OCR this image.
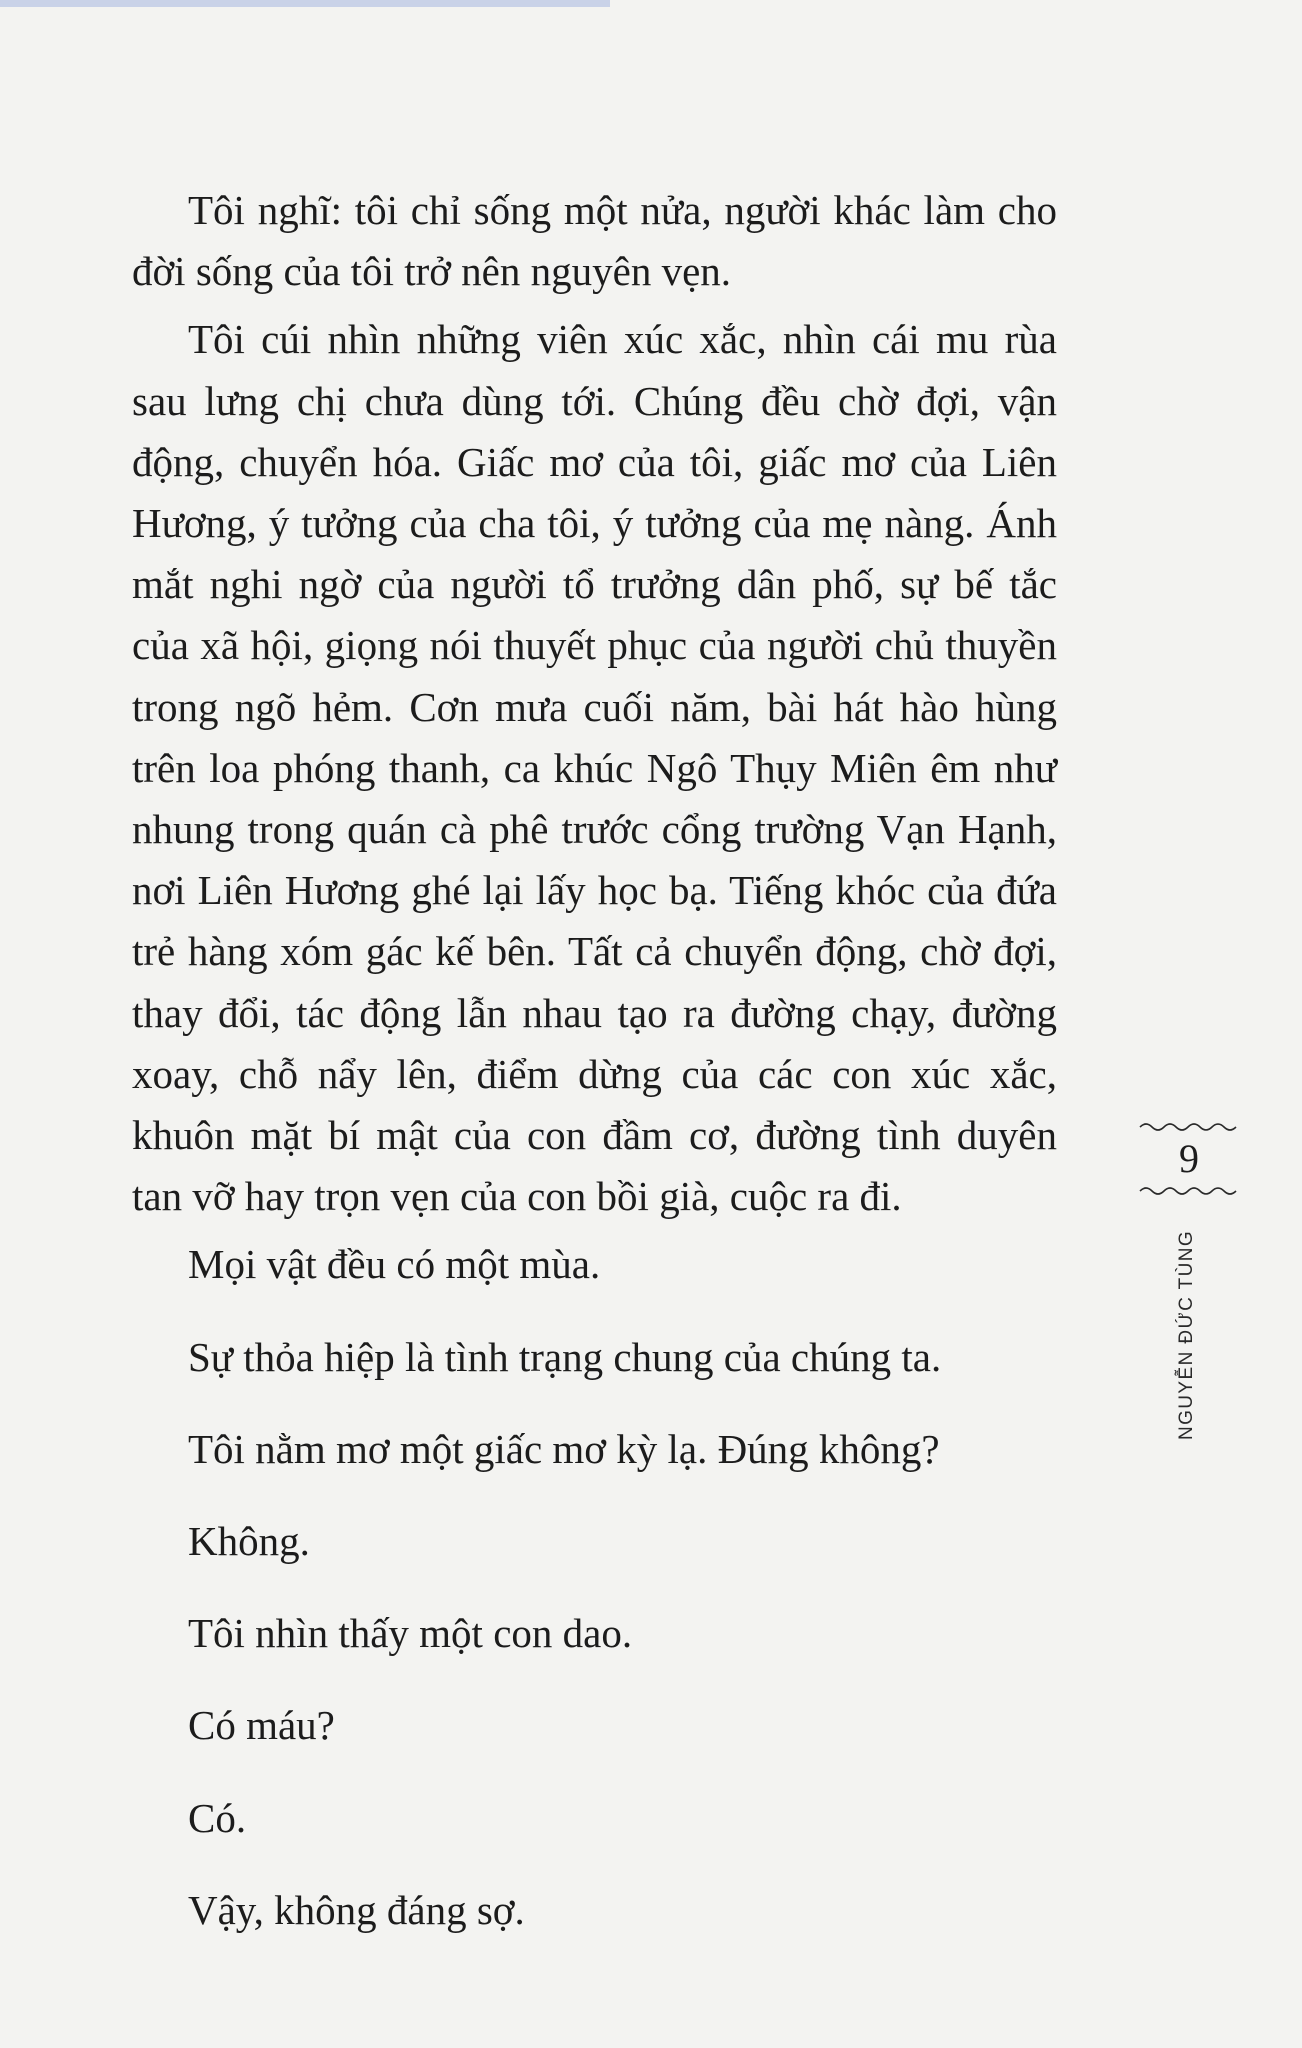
Tôi nghĩ: tôi chỉ sống một nửa, người khác làm cho đời sống của tôi trở nên nguyên vẹn.

Tôi cúi nhìn những viên xúc xắc, nhìn cái mu rùa sau lưng chị chưa dùng tới. Chúng đều chờ đợi, vận động, chuyển hóa. Giấc mơ của tôi, giấc mơ của Liên Hương, ý tưởng của cha tôi, ý tưởng của mẹ nàng. Ánh mắt nghi ngờ của người tổ trưởng dân phố, sự bế tắc của xã hội, giọng nói thuyết phục của người chủ thuyền trong ngõ hẻm. Cơn mưa cuối năm, bài hát hào hùng trên loa phóng thanh, ca khúc Ngô Thụy Miên êm như nhung trong quán cà phê trước cổng trường Vạn Hạnh, nơi Liên Hương ghé lại lấy học bạ. Tiếng khóc của đứa trẻ hàng xóm gác kế bên. Tất cả chuyển động, chờ đợi, thay đổi, tác động lẫn nhau tạo ra đường chạy, đường xoay, chỗ nẩy lên, điểm dừng của các con xúc xắc, khuôn mặt bí mật của con đầm cơ, đường tình duyên tan vỡ hay trọn vẹn của con bồi già, cuộc ra đi.

Mọi vật đều có một mùa.

Sự thỏa hiệp là tình trạng chung của chúng ta.

Tôi nằm mơ một giấc mơ kỳ lạ. Đúng không?

Không.

Tôi nhìn thấy một con dao.

Có máu?

Có.

Vậy, không đáng sợ.

9
NGUYỄN ĐỨC TÙNG
